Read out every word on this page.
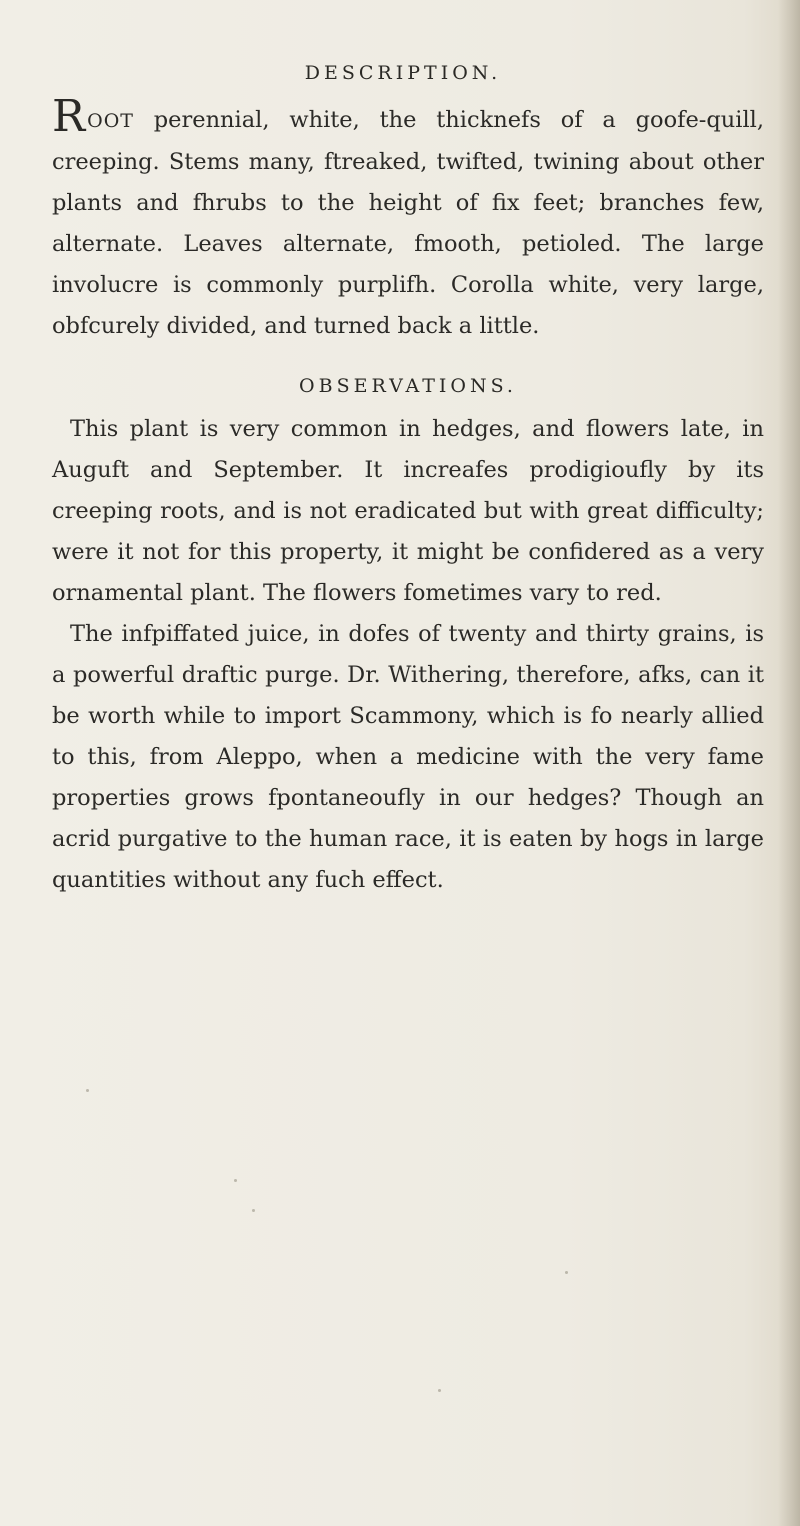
DESCRIPTION.

ROOT perennial, white, the thicknefs of a goofe-quill, creeping. Stems many, ftreaked, twifted, twining about other plants and fhrubs to the height of fix feet; branches few, alternate. Leaves alternate, fmooth, petioled. The large involucre is commonly purplifh. Corolla white, very large, obfcurely divided, and turned back a little.

OBSERVATIONS.

This plant is very common in hedges, and flowers late, in Auguft and September. It increafes prodigioufly by its creeping roots, and is not eradicated but with great difficulty; were it not for this property, it might be confidered as a very ornamental plant. The flowers fometimes vary to red.

The infpiffated juice, in dofes of twenty and thirty grains, is a powerful draftic purge. Dr. Withering, therefore, afks, can it be worth while to import Scammony, which is fo nearly allied to this, from Aleppo, when a medicine with the very fame properties grows fpontaneoufly in our hedges? Though an acrid purgative to the human race, it is eaten by hogs in large quantities without any fuch effect.
